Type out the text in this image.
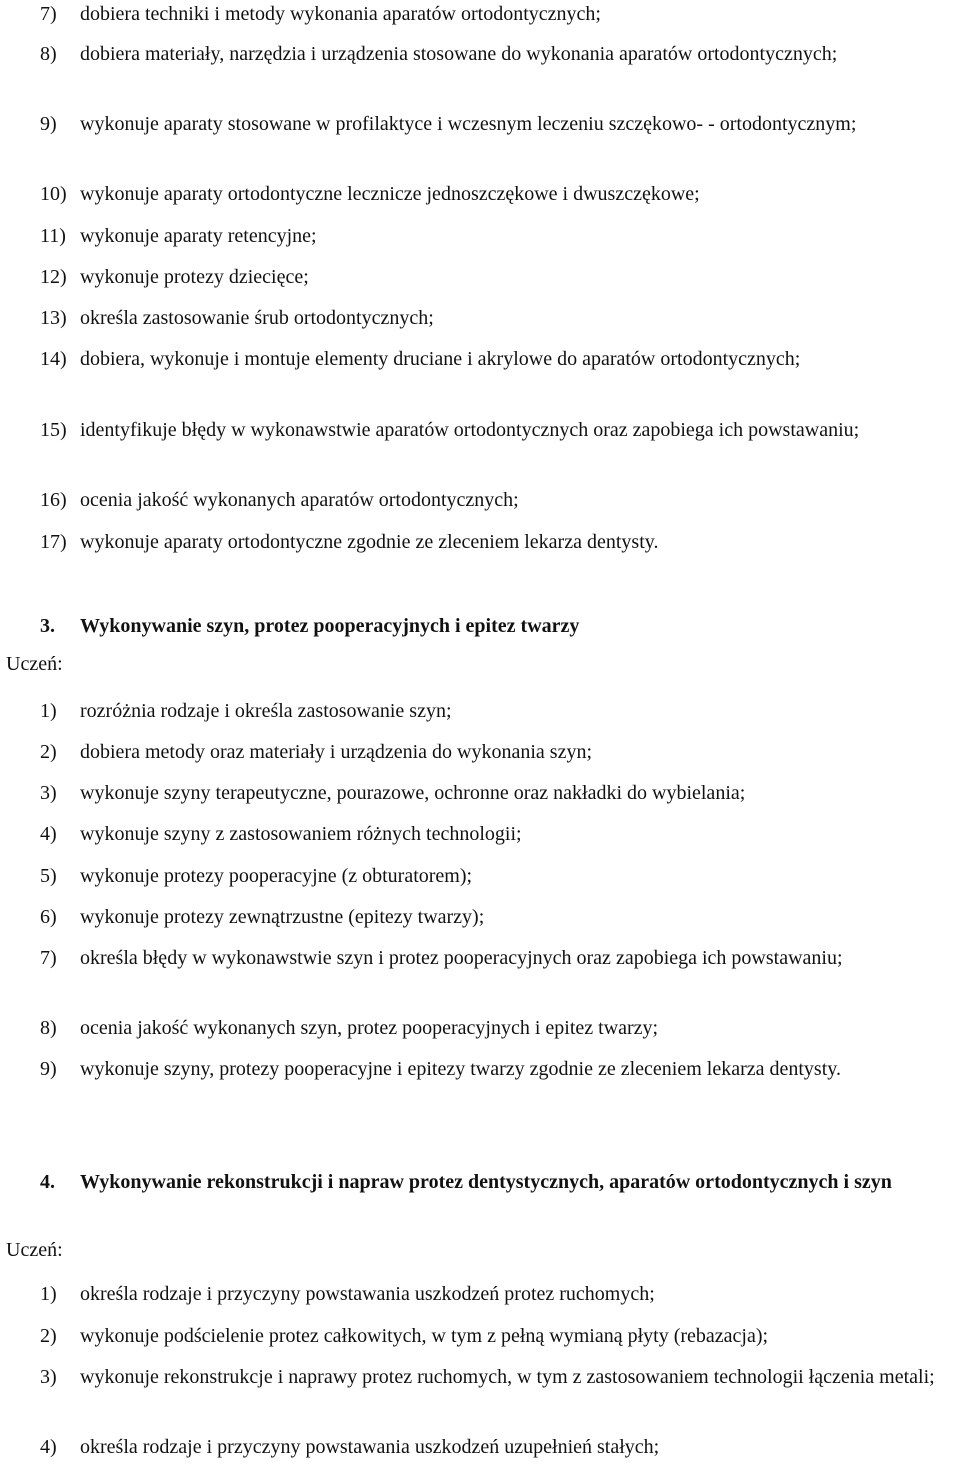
7)	dobiera techniki i metody wykonania aparatów ortodontycznych;
8)	dobiera materiały, narzędzia i urządzenia stosowane do wykonania aparatów ortodontycznych;
9)	wykonuje aparaty stosowane w profilaktyce i wczesnym leczeniu szczękowo- - ortodontycznym;
10) wykonuje aparaty ortodontyczne lecznicze jednoszczękowe i dwuszczękowe;
11) wykonuje aparaty retencyjne;
12) wykonuje protezy dziecięce;
13) określa zastosowanie śrub ortodontycznych;
14) dobiera, wykonuje i montuje elementy druciane i akrylowe do aparatów ortodontycznych;
15) identyfikuje błędy w wykonawstwie aparatów ortodontycznych oraz zapobiega ich powstawaniu;
16) ocenia jakość wykonanych aparatów ortodontycznych;
17) wykonuje aparaty ortodontyczne zgodnie ze zleceniem lekarza dentysty.
3.	Wykonywanie szyn, protez pooperacyjnych i epitez twarzy
Uczeń:
1)	rozróżnia rodzaje i określa zastosowanie szyn;
2)	dobiera metody oraz materiały i urządzenia do wykonania szyn;
3)	wykonuje szyny terapeutyczne, pourazowe, ochronne oraz nakładki do wybielania;
4)	wykonuje szyny z zastosowaniem różnych technologii;
5)	wykonuje protezy pooperacyjne (z obturatorem);
6)	wykonuje protezy zewnątrzustne (epitezy twarzy);
7)	określa błędy w wykonawstwie szyn i protez pooperacyjnych oraz zapobiega ich powstawaniu;
8)	ocenia jakość wykonanych szyn, protez pooperacyjnych i epitez twarzy;
9)	wykonuje szyny, protezy pooperacyjne i epitezy twarzy zgodnie ze zleceniem lekarza dentysty.
4.	Wykonywanie rekonstrukcji i napraw protez dentystycznych, aparatów ortodontycznych i szyn
Uczeń:
1)	określa rodzaje i przyczyny powstawania uszkodzeń protez ruchomych;
2)	wykonuje podścielenie protez całkowitych, w tym z pełną wymianą płyty (rebazacja);
3)	wykonuje rekonstrukcje i naprawy protez ruchomych, w tym z zastosowaniem technologii łączenia metali;
4)	określa rodzaje i przyczyny powstawania uszkodzeń uzupełnień stałych;
